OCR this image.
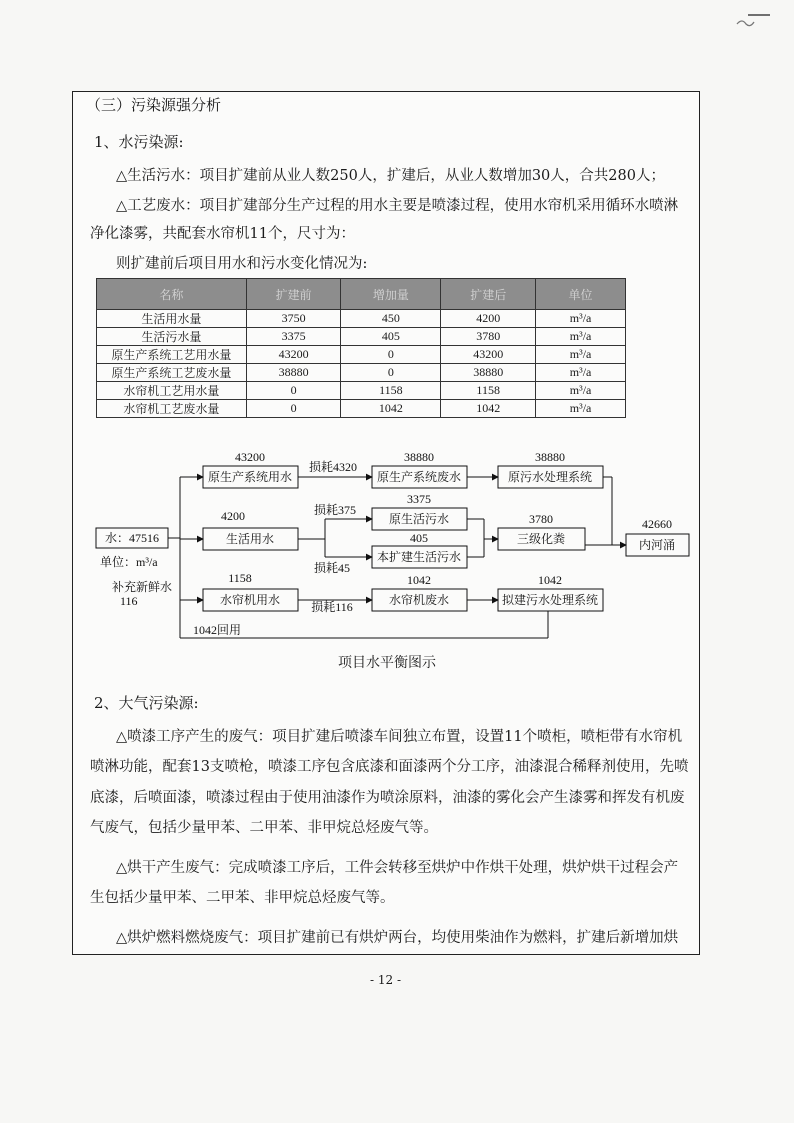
（三）污染源强分析
1、水污染源:
△生活污水：项目扩建前从业人数250人，扩建后，从业人数增加30人，合共280人；
△工艺废水：项目扩建部分生产过程的用水主要是喷漆过程，使用水帘机采用循环水喷淋
净化漆雾，共配套水帘机11个，尺寸为：
则扩建前后项目用水和污水变化情况为:
名称	扩建前	增加量	扩建后	单位
生活用水量	3750	450	4200	m³/a
生活污水量	3375	405	3780	m³/a
原生产系统工艺用水量	43200	0	43200	m³/a
原生产系统工艺废水量	38880	0	38880	m³/a
水帘机工艺用水量	0	1158	1158	m³/a
水帘机工艺废水量	0	1042	1042	m³/a
水：47516
单位：m³/a
补充新鲜水
116
1042回用
原生产系统用水	原生产系统废水	原污水处理系统
生活用水
原生活污水
本扩建生活污水
三级化粪	内河涌
水帘机用水	水帘机废水	拟建污水处理系统
43200	38880	38880
4200
3375
405
3780	42660
1158	1042	1042
损耗4320
损耗375
损耗45
损耗116
项目水平衡图示
2、大气污染源:
△喷漆工序产生的废气：项目扩建后喷漆车间独立布置，设置11个喷柜，喷柜带有水帘机
喷淋功能，配套13支喷枪，喷漆工序包含底漆和面漆两个分工序，油漆混合稀释剂使用，先喷
底漆，后喷面漆，喷漆过程由于使用油漆作为喷涂原料，油漆的雾化会产生漆雾和挥发有机废
气废气，包括少量甲苯、二甲苯、非甲烷总烃废气等。
△烘干产生废气：完成喷漆工序后，工件会转移至烘炉中作烘干处理，烘炉烘干过程会产
生包括少量甲苯、二甲苯、非甲烷总烃废气等。
△烘炉燃料燃烧废气：项目扩建前已有烘炉两台，均使用柴油作为燃料，扩建后新增加烘
- 12 -
